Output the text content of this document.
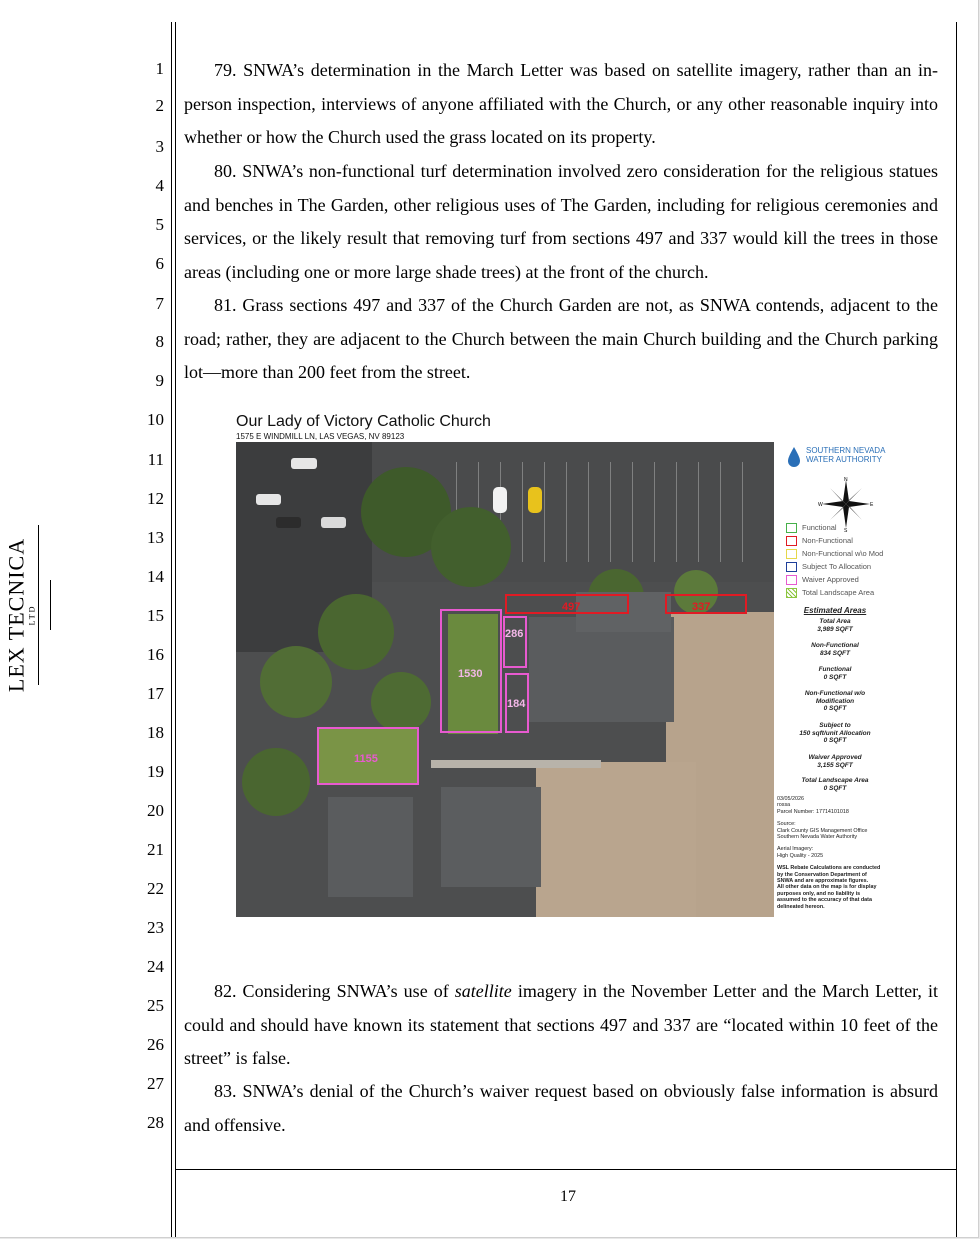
LEX TECNICA LTD
1
2
3
4
5
6
7
8
9
10
11
12
13
14
15
16
17
18
19
20
21
22
23
24
25
26
27
28

79. SNWA’s determination in the March Letter was based on satellite imagery, rather than an in-person inspection, interviews of anyone affiliated with the Church, or any other reasonable inquiry into whether or how the Church used the grass located on its property.

80. SNWA’s non-functional turf determination involved zero consideration for the religious statues and benches in The Garden, other religious uses of The Garden, including for religious ceremonies and services, or the likely result that removing turf from sections 497 and 337 would kill the trees in those areas (including one or more large shade trees) at the front of the church.

81. Grass sections 497 and 337 of the Church Garden are not, as SNWA contends, adjacent to the road; rather, they are adjacent to the Church between the main Church building and the Church parking lot—more than 200 feet from the street.

82. Considering SNWA’s use of satellite imagery in the November Letter and the March Letter, it could and should have known its statement that sections 497 and 337 are “located within 10 feet of the street” is false.

83. SNWA’s denial of the Church’s waiver request based on obviously false information is absurd and offensive.

Our Lady of Victory Catholic Church
1575 E WINDMILL LN, LAS VEGAS, NV 89123
497	337
1530
286
184
1155
SOUTHERN NEVADA
WATER AUTHORITY
N
S
W	E
Functional
Non-Functional
Non-Functional w\o Mod
Subject To Allocation
Waiver Approved
Total Landscape Area
Estimated Areas
Total Area
3,989 SQFT
Non-Functional
834 SQFT
Functional
0 SQFT
Non-Functional w/o
Modification
0 SQFT
Subject to
150 sqft/unit Allocation
0 SQFT
Waiver Approved
3,155 SQFT
Total Landscape Area
0 SQFT
03/05/2026
rossa
Parcel Number: 17714101018
Source:
Clark County GIS Management Office
Southern Nevada Water Authority
Aerial Imagery:
High Quality - 2025
WSL Rebate Calculations are conducted
by the Conservation Department of
SNWA and are approximate figures.
All other data on the map is for display
purposes only, and no liability is
assumed to the accuracy of that data
delineated hereon.
17
